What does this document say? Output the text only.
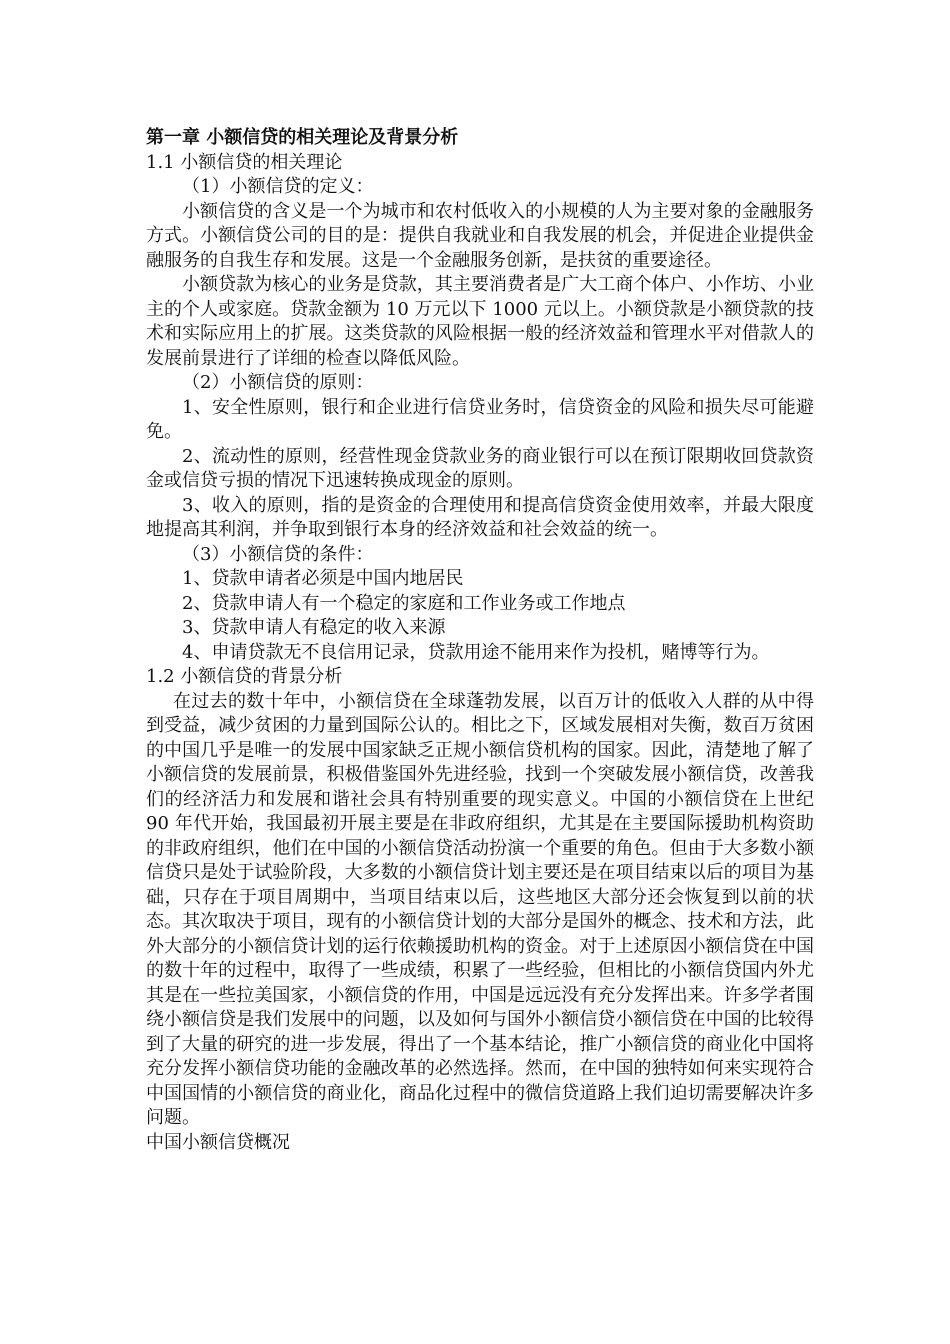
第一章 小额信贷的相关理论及背景分析

1.1 小额信贷的相关理论

（1）小额信贷的定义：

小额信贷的含义是一个为城市和农村低收入的小规模的人为主要对象的金融服务方式。小额信贷公司的目的是：提供自我就业和自我发展的机会，并促进企业提供金融服务的自我生存和发展。这是一个金融服务创新，是扶贫的重要途径。

小额贷款为核心的业务是贷款，其主要消费者是广大工商个体户、小作坊、小业主的个人或家庭。贷款金额为 10 万元以下 1000 元以上。小额贷款是小额贷款的技术和实际应用上的扩展。这类贷款的风险根据一般的经济效益和管理水平对借款人的发展前景进行了详细的检查以降低风险。

（2）小额信贷的原则：

1、安全性原则，银行和企业进行信贷业务时，信贷资金的风险和损失尽可能避免。

2、流动性的原则，经营性现金贷款业务的商业银行可以在预订限期收回贷款资金或信贷亏损的情况下迅速转换成现金的原则。

3、收入的原则，指的是资金的合理使用和提高信贷资金使用效率，并最大限度地提高其利润，并争取到银行本身的经济效益和社会效益的统一。

（3）小额信贷的条件：

1、贷款申请者必须是中国内地居民

2、贷款申请人有一个稳定的家庭和工作业务或工作地点

3、贷款申请人有稳定的收入来源

4、申请贷款无不良信用记录，贷款用途不能用来作为投机，赌博等行为。

1.2 小额信贷的背景分析

在过去的数十年中，小额信贷在全球蓬勃发展，以百万计的低收入人群的从中得到受益，减少贫困的力量到国际公认的。相比之下，区域发展相对失衡，数百万贫困的中国几乎是唯一的发展中国家缺乏正规小额信贷机构的国家。因此，清楚地了解了小额信贷的发展前景，积极借鉴国外先进经验，找到一个突破发展小额信贷，改善我们的经济活力和发展和谐社会具有特别重要的现实意义。中国的小额信贷在上世纪 90 年代开始，我国最初开展主要是在非政府组织，尤其是在主要国际援助机构资助的非政府组织，他们在中国的小额信贷活动扮演一个重要的角色。但由于大多数小额信贷只是处于试验阶段，大多数的小额信贷计划主要还是在项目结束以后的项目为基础，只存在于项目周期中，当项目结束以后，这些地区大部分还会恢复到以前的状态。其次取决于项目，现有的小额信贷计划的大部分是国外的概念、技术和方法，此外大部分的小额信贷计划的运行依赖援助机构的资金。对于上述原因小额信贷在中国的数十年的过程中，取得了一些成绩，积累了一些经验，但相比的小额信贷国内外尤其是在一些拉美国家，小额信贷的作用，中国是远远没有充分发挥出来。许多学者围绕小额信贷是我们发展中的问题，以及如何与国外小额信贷小额信贷在中国的比较得到了大量的研究的进一步发展，得出了一个基本结论，推广小额信贷的商业化中国将充分发挥小额信贷功能的金融改革的必然选择。然而，在中国的独特如何来实现符合中国国情的小额信贷的商业化，商品化过程中的微信贷道路上我们迫切需要解决许多问题。

中国小额信贷概况
